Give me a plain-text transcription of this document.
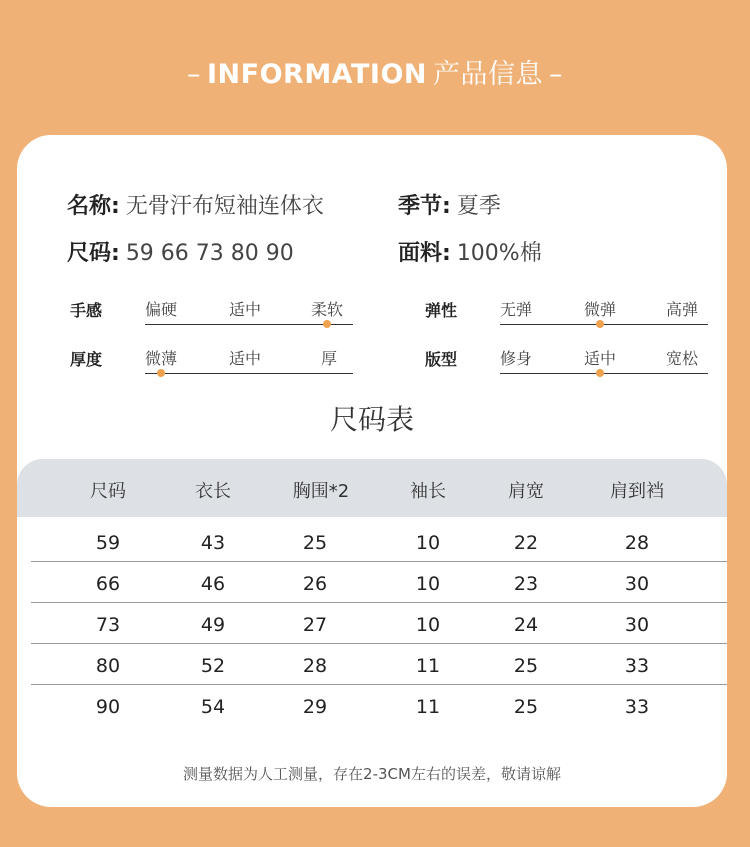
– INFORMATION 产品信息 –
名称: 无骨汗布短袖连体衣	季节: 夏季
尺码: 59 66 73 80 90	面料: 100%棉
手感	偏硬	适中	柔软	弹性	无弹	微弹	高弹
厚度	微薄	适中	厚	版型	修身	适中	宽松
尺码表
尺码	衣长	胸围*2	袖长	肩宽	肩到裆
59	43	25	10	22	28
66	46	26	10	23	30
73	49	27	10	24	30
80	52	28	11	25	33
90	54	29	11	25	33
测量数据为人工测量，存在2-3CM左右的误差，敬请谅解
